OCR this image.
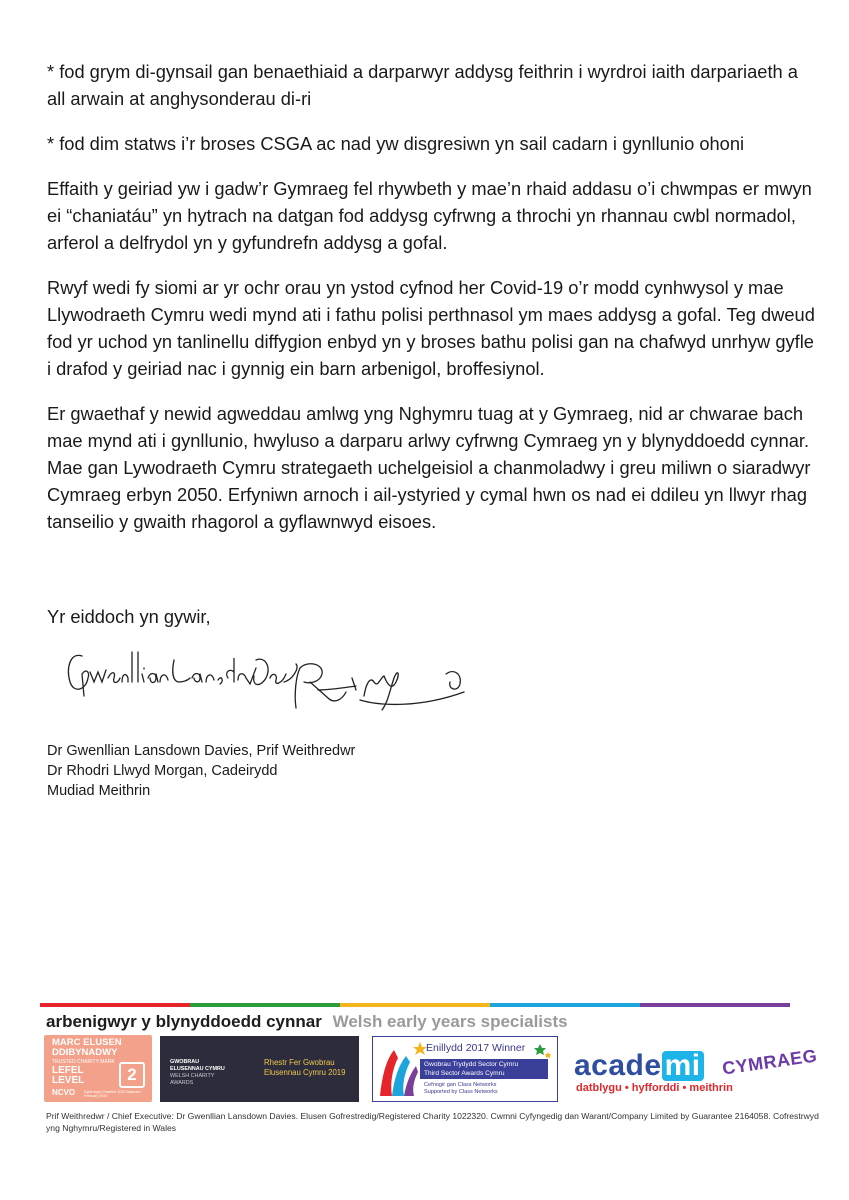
* fod grym di-gynsail gan benaethiaid a darparwyr addysg feithrin i wyrdroi iaith darpariaeth a all arwain at anghysonderau di-ri

* fod dim statws i’r broses CSGA ac nad yw disgresiwn yn sail cadarn i gynllunio ohoni

Effaith y geiriad yw i gadw’r Gymraeg fel rhywbeth y mae’n rhaid addasu o’i chwmpas er mwyn ei “chaniatáu” yn hytrach na datgan fod addysg cyfrwng a throchi yn rhannau cwbl normadol, arferol a delfrydol yn y gyfundrefn addysg a gofal.

Rwyf wedi fy siomi ar yr ochr orau yn ystod cyfnod her Covid-19 o’r modd cynhwysol y mae Llywodraeth Cymru wedi mynd ati i fathu polisi perthnasol ym maes addysg a gofal. Teg dweud fod yr uchod yn tanlinellu diffygion enbyd yn y broses bathu polisi gan na chafwyd unrhyw gyfle i drafod y geiriad nac i gynnig ein barn arbenigol, broffesiynol.

Er gwaethaf y newid agweddau amlwg yng Nghymru tuag at y Gymraeg, nid ar chwarae bach mae mynd ati i gynllunio, hwyluso a darparu arlwy cyfrwng Cymraeg yn y blynyddoedd cynnar. Mae gan Lywodraeth Cymru strategaeth uchelgeisiol a chanmoladwy i greu miliwn o siaradwyr Cymraeg erbyn 2050. Erfyniwn arnoch i ail-ystyried y cymal hwn os nad ei ddileu yn llwyr rhag tanseilio y gwaith rhagorol a gyflawnwyd eisoes.

Yr eiddoch yn gywir,

Dr Gwenllian Lansdown Davies, Prif Weithredwr
Dr Rhodri Llwyd Morgan, Cadeirydd
Mudiad Meithrin
arbenigwyr y blynyddoedd cynnar Welsh early years specialists
MARC ELUSEN
DDIBYNADWY
TRUSTED CHARITY MARK
LEFEL
LEVEL	2
NCVO Dyfarnwyd Chwefror 2020 Awarded February 2020
GWOBRAU
ELUSENNAU CYMRU
WELSH CHARITY
AWARDS
Rhestr Fer Gwobrau
Elusennau Cymru 2019
Enillydd 2017 Winner
Gwobrau Trydydd Sector Cymru
Third Sector Awards Cymru
Cefnogir gan Class Networks
Supported by Class Networks
acade mi
datblygu • hyfforddi • meithrin
CYMRAEG
Prif Weithredwr / Chief Executive: Dr Gwenllian Lansdown Davies. Elusen Gofrestredig/Registered Charity 1022320. Cwmni Cyfyngedig dan Warant/Company Limited by Guarantee 2164058. Cofrestrwyd yng Nghymru/Registered in Wales
